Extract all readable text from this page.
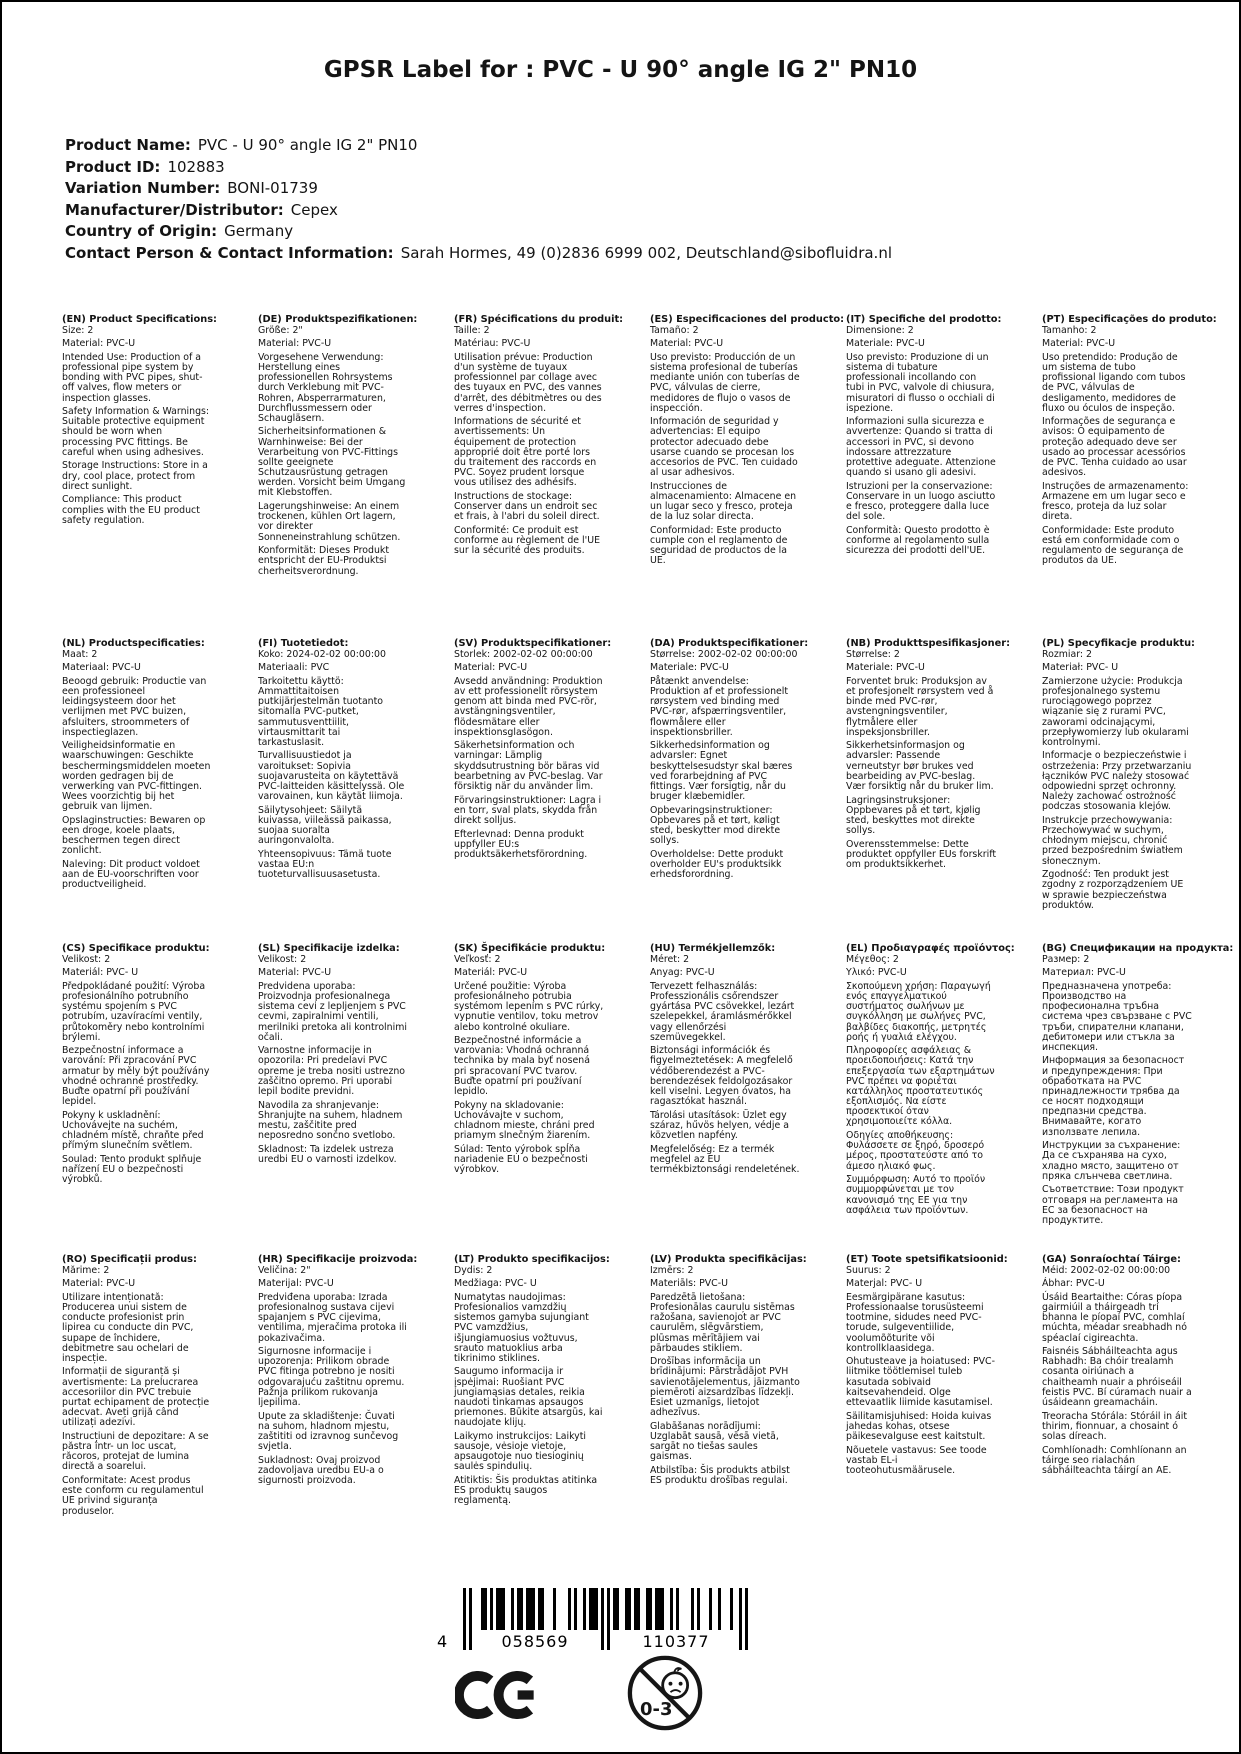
GPSR Label for : PVC - U 90° angle IG 2" PN10
Product Name: PVC - U 90° angle IG 2" PN10
Product ID: 102883
Variation Number: BONI-01739
Manufacturer/Distributor: Cepex
Country of Origin: Germany
Contact Person & Contact Information: Sarah Hormes, 49 (0)2836 6999 002, Deutschland@sibofluidra.nl
(EN) Product Specifications:
Size: 2
Material: PVC-U
Intended Use: Production of a professional pipe system by bonding with PVC pipes, shut-off valves, flow meters or inspection glasses.
Safety Information & Warnings: Suitable protective equipment should be worn when processing PVC fittings. Be careful when using adhesives.
Storage Instructions: Store in a dry, cool place, protect from direct sunlight.
Compliance: This product complies with the EU product safety regulation.
(DE) Produktspezifikationen:
Größe: 2"
Material: PVC-U
Vorgesehene Verwendung: Herstellung eines professionellen Rohrsystems durch Verklebung mit PVC-Rohren, Absperrarmaturen, Durchflussmessern oder Schaugläsern.
Sicherheitsinformationen & Warnhinweise: Bei der Verarbeitung von PVC-Fittings sollte geeignete Schutzausrüstung getragen werden. Vorsicht beim Umgang mit Klebstoffen.
Lagerungshinweise: An einem trockenen, kühlen Ort lagern, vor direkter Sonneneinstrahlung schützen.
Konformität: Dieses Produkt entspricht der EU-Produktsi cherheitsverordnung.
(FR) Spécifications du produit:
Taille: 2
Matériau: PVC-U
Utilisation prévue: Production d'un système de tuyaux professionnel par collage avec des tuyaux en PVC, des vannes d'arrêt, des débitmètres ou des verres d'inspection.
Informations de sécurité et avertissements: Un équipement de protection approprié doit être porté lors du traitement des raccords en PVC. Soyez prudent lorsque vous utilisez des adhésifs.
Instructions de stockage: Conserver dans un endroit sec et frais, à l'abri du soleil direct.
Conformité: Ce produit est conforme au règlement de l'UE sur la sécurité des produits.
(ES) Especificaciones del producto:
Tamaño: 2
Material: PVC-U
Uso previsto: Producción de un sistema profesional de tuberías mediante unión con tuberías de PVC, válvulas de cierre, medidores de flujo o vasos de inspección.
Información de seguridad y advertencias: El equipo protector adecuado debe usarse cuando se procesan los accesorios de PVC. Ten cuidado al usar adhesivos.
Instrucciones de almacenamiento: Almacene en un lugar seco y fresco, proteja de la luz solar directa.
Conformidad: Este producto cumple con el reglamento de seguridad de productos de la UE.
(IT) Specifiche del prodotto:
Dimensione: 2
Materiale: PVC-U
Uso previsto: Produzione di un sistema di tubature professionali incollando con tubi in PVC, valvole di chiusura, misuratori di flusso o occhiali di ispezione.
Informazioni sulla sicurezza e avvertenze: Quando si tratta di accessori in PVC, si devono indossare attrezzature protettive adeguate. Attenzione quando si usano gli adesivi.
Istruzioni per la conservazione: Conservare in un luogo asciutto e fresco, proteggere dalla luce del sole.
Conformità: Questo prodotto è conforme al regolamento sulla sicurezza dei prodotti dell'UE.
(PT) Especificações do produto:
Tamanho: 2
Material: PVC-U
Uso pretendido: Produção de um sistema de tubo profissional ligando com tubos de PVC, válvulas de desligamento, medidores de fluxo ou óculos de inspeção.
Informações de segurança e avisos: O equipamento de proteção adequado deve ser usado ao processar acessórios de PVC. Tenha cuidado ao usar adesivos.
Instruções de armazenamento: Armazene em um lugar seco e fresco, proteja da luz solar direta.
Conformidade: Este produto está em conformidade com o regulamento de segurança de produtos da UE.
(NL) Productspecificaties:
Maat: 2
Materiaal: PVC-U
Beoogd gebruik: Productie van een professioneel leidingsysteem door het verlijmen met PVC buizen, afsluiters, stroommeters of inspectieglazen.
Veiligheidsinformatie en waarschuwingen: Geschikte beschermingsmiddelen moeten worden gedragen bij de verwerking van PVC-fittingen. Wees voorzichtig bij het gebruik van lijmen.
Opslaginstructies: Bewaren op een droge, koele plaats, beschermen tegen direct zonlicht.
Naleving: Dit product voldoet aan de EU-voorschriften voor productveiligheid.
(FI) Tuotetiedot:
Koko: 2024-02-02 00:00:00
Materiaali: PVC
Tarkoitettu käyttö: Ammattitaitoisen putkijärjestelmän tuotanto sitomalla PVC-putket, sammutusventtiilit, virtausmittarit tai tarkastuslasit.
Turvallisuustiedot ja varoitukset: Sopivia suojavarusteita on käytettävä PVC-laitteiden käsittelyssä. Ole varovainen, kun käytät liimoja.
Säilytysohjeet: Säilytä kuivassa, viileässä paikassa, suojaa suoralta auringonvalolta.
Yhteensopivuus: Tämä tuote vastaa EU:n tuoteturvallisuusasetusta.
(SV) Produktspecifikationer:
Storlek: 2002-02-02 00:00:00
Material: PVC-U
Avsedd användning: Produktion av ett professionellt rörsystem genom att binda med PVC-rör, avstängningsventiler, flödesmätare eller inspektionsglasögon.
Säkerhetsinformation och varningar: Lämplig skyddsutrustning bör bäras vid bearbetning av PVC-beslag. Var försiktig när du använder lim.
Förvaringsinstruktioner: Lagra i en torr, sval plats, skydda från direkt solljus.
Efterlevnad: Denna produkt uppfyller EU:s produktsäkerhetsförordning.
(DA) Produktspecifikationer:
Størrelse: 2002-02-02 00:00:00
Materiale: PVC-U
Påtænkt anvendelse: Produktion af et professionelt rørsystem ved binding med PVC-rør, afspærringsventiler, flowmålere eller inspektionsbriller.
Sikkerhedsinformation og advarsler: Egnet beskyttelsesudstyr skal bæres ved forarbejdning af PVC fittings. Vær forsigtig, når du bruger klæbemidler.
Opbevaringsinstruktioner: Opbevares på et tørt, køligt sted, beskytter mod direkte sollys.
Overholdelse: Dette produkt overholder EU's produktsikk erhedsforordning.
(NB) Produkttspesifikasjoner:
Størrelse: 2
Materiale: PVC-U
Forventet bruk: Produksjon av et profesjonelt rørsystem ved å binde med PVC-rør, avstengningsventiler, flytmålere eller inspeksjonsbriller.
Sikkerhetsinformasjon og advarsler: Passende verneutstyr bør brukes ved bearbeiding av PVC-beslag. Vær forsiktig når du bruker lim.
Lagringsinstruksjoner: Oppbevares på et tørt, kjølig sted, beskyttes mot direkte sollys.
Overensstemmelse: Dette produktet oppfyller EUs forskrift om produktsikkerhet.
(PL) Specyfikacje produktu:
Rozmiar: 2
Materiał: PVC- U
Zamierzone użycie: Produkcja profesjonalnego systemu rurociągowego poprzez wiązanie się z rurami PVC, zaworami odcinającymi, przepływomierzy lub okularami kontrolnymi.
Informacje o bezpieczeństwie i ostrzeżenia: Przy przetwarzaniu łączników PVC należy stosować odpowiedni sprzęt ochronny. Należy zachować ostrożność podczas stosowania klejów.
Instrukcje przechowywania: Przechowywać w suchym, chłodnym miejscu, chronić przed bezpośrednim światłem słonecznym.
Zgodność: Ten produkt jest zgodny z rozporządzeniem UE w sprawie bezpieczeństwa produktów.
(CS) Specifikace produktu:
Velikost: 2
Materiál: PVC- U
Předpokládané použití: Výroba profesionálního potrubního systému spojením s PVC potrubím, uzavíracími ventily, průtokoměry nebo kontrolními brýlemi.
Bezpečnostní informace a varování: Při zpracování PVC armatur by měly být používány vhodné ochranné prostředky. Buďte opatrní při používání lepidel.
Pokyny k uskladnění: Uchovávejte na suchém, chladném místě, chraňte před přímým slunečním světlem.
Soulad: Tento produkt splňuje nařízení EU o bezpečnosti výrobků.
(SL) Specifikacije izdelka:
Velikost: 2
Material: PVC-U
Predvidena uporaba: Proizvodnja profesionalnega sistema cevi z lepljenjem s PVC cevmi, zapiralnimi ventili, merilniki pretoka ali kontrolnimi očali.
Varnostne informacije in opozorila: Pri predelavi PVC opreme je treba nositi ustrezno zaščitno opremo. Pri uporabi lepil bodite previdni.
Navodila za shranjevanje: Shranjujte na suhem, hladnem mestu, zaščitite pred neposredno sončno svetlobo.
Skladnost: Ta izdelek ustreza uredbi EU o varnosti izdelkov.
(SK) Špecifikácie produktu:
Veľkosť: 2
Materiál: PVC-U
Určené použitie: Výroba profesionálneho potrubia systémom lepením s PVC rúrky, vypnutie ventilov, toku metrov alebo kontrolné okuliare.
Bezpečnostné informácie a varovania: Vhodná ochranná technika by mala byť nosená pri spracovaní PVC tvarov. Buďte opatrní pri používaní lepidlo.
Pokyny na skladovanie: Uchovávajte v suchom, chladnom mieste, chráni pred priamym slnečným žiarením.
Súlad: Tento výrobok spĺňa nariadenie EÚ o bezpečnosti výrobkov.
(HU) Termékjellemzők:
Méret: 2
Anyag: PVC-U
Tervezett felhasználás: Professzionális csőrendszer gyártása PVC csövekkel, lezárt szelepekkel, áramlásmérőkkel vagy ellenőrzési szemüvegekkel.
Biztonsági információk és figyelmeztetések: A megfelelő védőberendezést a PVC-berendezések feldolgozásakor kell viselni. Legyen óvatos, ha ragasztókat használ.
Tárolási utasítások: Üzlet egy száraz, hűvös helyen, védje a közvetlen napfény.
Megfelelőség: Ez a termék megfelel az EU termékbiztonsági rendeletének.
(EL) Προδιαγραφές προϊόντος:
Μέγεθος: 2
Υλικό: PVC-U
Σκοπούμενη χρήση: Παραγωγή ενός επαγγελματικού συστήματος σωλήνων με συγκόλληση με σωλήνες PVC, βαλβίδες διακοπής, μετρητές ροής ή γυαλιά ελέγχου.
Πληροφορίες ασφάλειας & προειδοποιήσεις: Κατά την επεξεργασία των εξαρτημάτων PVC πρέπει να φοριέται κατάλληλος προστατευτικός εξοπλισμός. Να είστε προσεκτικοί όταν χρησιμοποιείτε κόλλα.
Οδηγίες αποθήκευσης: Φυλάσσετε σε ξηρό, δροσερό μέρος, προστατεύστε από το άμεσο ηλιακό φως.
Συμμόρφωση: Αυτό το προϊόν συμμορφώνεται με τον κανονισμό της ΕΕ για την ασφάλεια των προϊόντων.
(BG) Спецификации на продукта:
Размер: 2
Материал: PVC-U
Предназначена употреба: Производство на професионална тръбна система чрез свързване с PVC тръби, спирателни клапани, дебитомери или стъкла за инспекция.
Информация за безопасност и предупреждения: При обработката на PVC принадлежности трябва да се носят подходящи предпазни средства. Внимавайте, когато използвате лепила.
Инструкции за съхранение: Да се съхранява на сухо, хладно място, защитено от пряка слънчева светлина.
Съответствие: Този продукт отговаря на регламента на ЕС за безопасност на продуктите.
(RO) Specificații produs:
Mărime: 2
Material: PVC-U
Utilizare intenționată: Producerea unui sistem de conducte profesionist prin lipirea cu conducte din PVC, supape de închidere, debitmetre sau ochelari de inspecție.
Informații de siguranță și avertismente: La prelucrarea accesoriilor din PVC trebuie purtat echipament de protecție adecvat. Aveți grijă când utilizați adezivi.
Instrucțiuni de depozitare: A se păstra într- un loc uscat, răcoros, protejat de lumina directă a soarelui.
Conformitate: Acest produs este conform cu regulamentul UE privind siguranța produselor.
(HR) Specifikacije proizvoda:
Veličina: 2"
Materijal: PVC-U
Predviđena uporaba: Izrada profesionalnog sustava cijevi spajanjem s PVC cijevima, ventilima, mjeračima protoka ili pokazivačima.
Sigurnosne informacije i upozorenja: Prilikom obrade PVC fitinga potrebno je nositi odgovarajuću zaštitnu opremu. Pažnja prilikom rukovanja ljepilima.
Upute za skladištenje: Čuvati na suhom, hladnom mjestu, zaštititi od izravnog sunčevog svjetla.
Sukladnost: Ovaj proizvod zadovoljava uredbu EU-a o sigurnosti proizvoda.
(LT) Produkto specifikacijos:
Dydis: 2
Medžiaga: PVC- U
Numatytas naudojimas: Profesionalios vamzdžių sistemos gamyba sujungiant PVC vamzdžius, išjungiamuosius vožtuvus, srauto matuoklius arba tikrinimo stiklines.
Saugumo informacija ir įspėjimai: Ruošiant PVC jungiamąsias detales, reikia naudoti tinkamas apsaugos priemones. Būkite atsargūs, kai naudojate klijų.
Laikymo instrukcijos: Laikyti sausoje, vėsioje vietoje, apsaugotoje nuo tiesioginių saulės spindulių.
Atitiktis: Šis produktas atitinka ES produktų saugos reglamentą.
(LV) Produkta specifikācijas:
Izmērs: 2
Materiāls: PVC-U
Paredzētā lietošana: Profesionālas cauruļu sistēmas ražošana, savienojot ar PVC caurulēm, slēgvārstiem, plūsmas mērītājiem vai pārbaudes stikliem.
Drošības informācija un brīdinājumi: Pārstrādājot PVH savienotājelementus, jāizmanto piemēroti aizsardzības līdzekļi. Esiet uzmanīgs, lietojot adhezīvus.
Glabāšanas norādījumi: Uzglabāt sausā, vēsā vietā, sargāt no tiešas saules gaismas.
Atbilstība: Šis produkts atbilst ES produktu drošības regulai.
(ET) Toote spetsifikatsioonid:
Suurus: 2
Materjal: PVC- U
Eesmärgipärane kasutus: Professionaalse torusüsteemi tootmine, sidudes need PVC-torude, sulgeventiilide, voolumõõturite või kontrollklaasidega.
Ohutusteave ja hoiatused: PVC-liitmike töötlemisel tuleb kasutada sobivaid kaitsevahendeid. Olge ettevaatlik liimide kasutamisel.
Säilitamisjuhised: Hoida kuivas jahedas kohas, otsese päikesevalguse eest kaitstult.
Nõuetele vastavus: See toode vastab EL-i tooteohutusmäärusele.
(GA) Sonraíochtaí Táirge:
Méid: 2002-02-02 00:00:00
Ábhar: PVC-U
Úsáid Beartaithe: Córas píopa gairmiúil a tháirgeadh trí bhanna le píopaí PVC, comhlaí múchta, méadar sreabhadh nó spéaclaí cigireachta.
Faisnéis Sábháilteachta agus Rabhadh: Ba chóir trealamh cosanta oiriúnach a chaitheamh nuair a phróiseáil feistis PVC. Bí cúramach nuair a úsáideann greamacháin.
Treoracha Stórála: Stóráil in áit thirim, fionnuar, a chosaint ó solas díreach.
Comhlíonadh: Comhlíonann an táirge seo rialachán sábháilteachta táirgí an AE.
4	058569	110377
0-3
